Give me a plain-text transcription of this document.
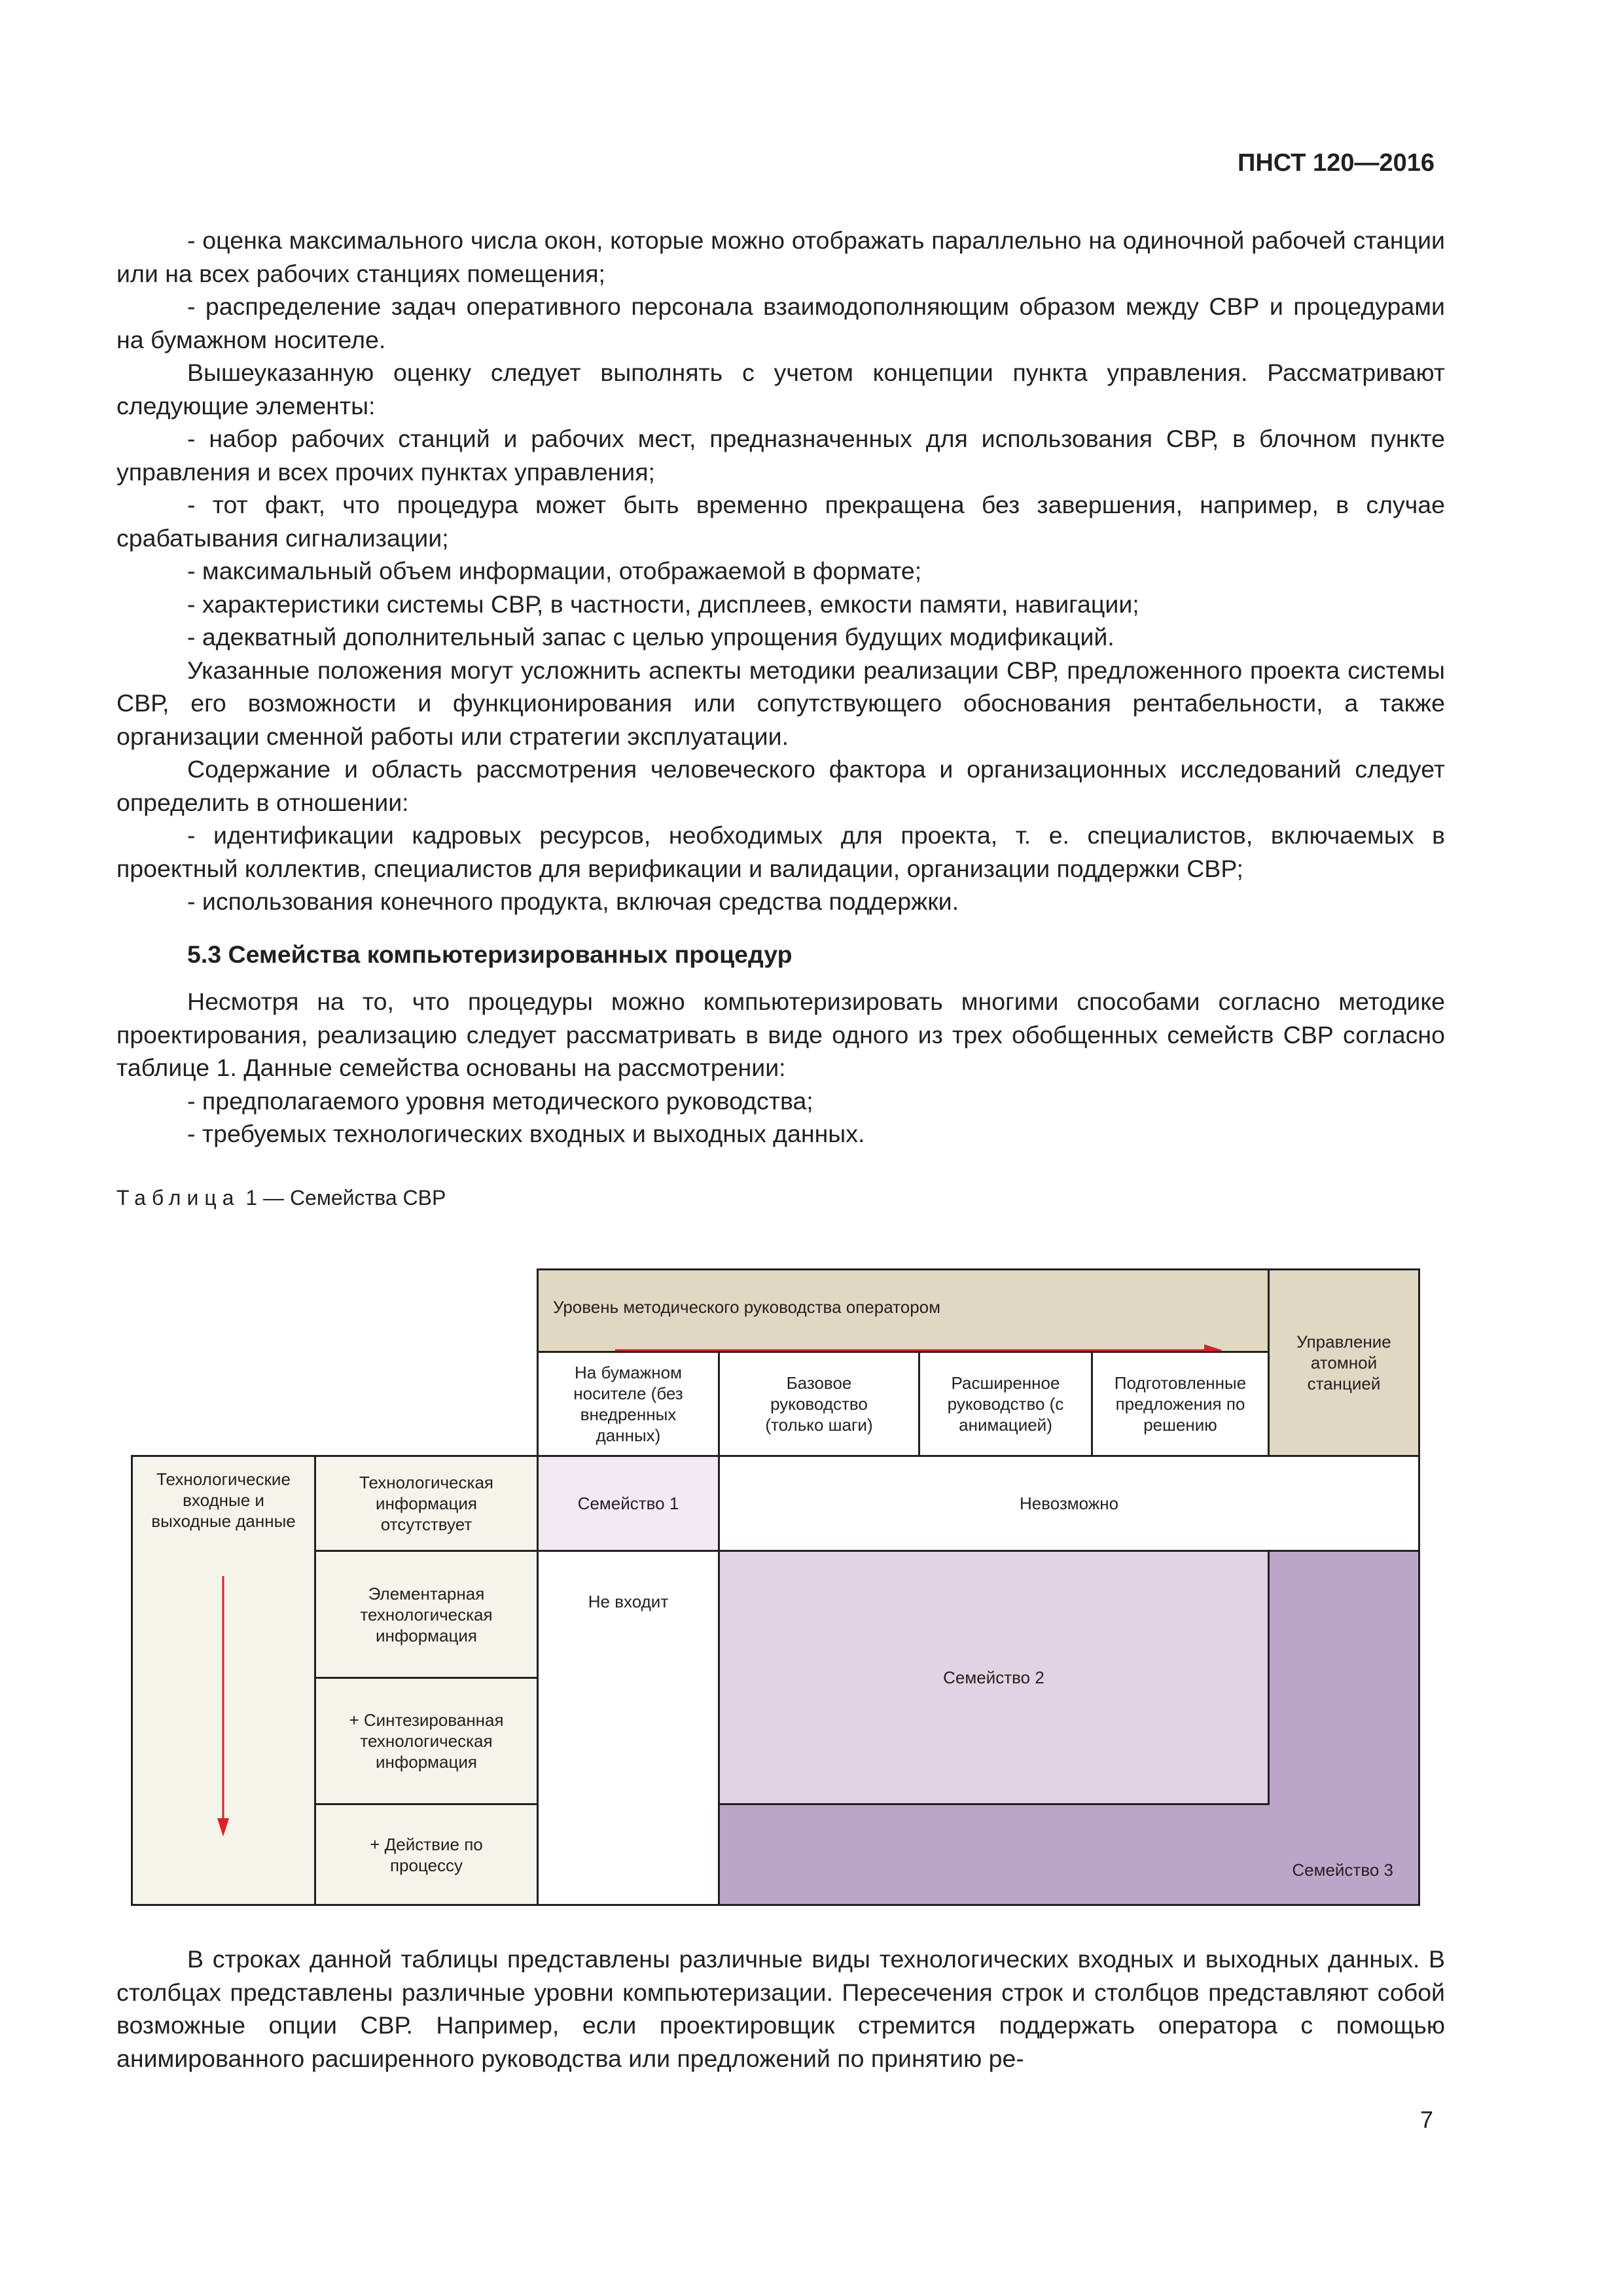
ПНСТ 120—2016

- оценка максимального числа окон, которые можно отображать параллельно на одиночной рабочей станции или на всех рабочих станциях помещения;

- распределение задач оперативного персонала взаимодополняющим образом между СВР и процедурами на бумажном носителе.

Вышеуказанную оценку следует выполнять с учетом концепции пункта управления. Рассматривают следующие элементы:

- набор рабочих станций и рабочих мест, предназначенных для использования СВР, в блочном пункте управления и всех прочих пунктах управления;

- тот факт, что процедура может быть временно прекращена без завершения, например, в случае срабатывания сигнализации;

- максимальный объем информации, отображаемой в формате;

- характеристики системы СВР, в частности, дисплеев, емкости памяти, навигации;

- адекватный дополнительный запас с целью упрощения будущих модификаций.

Указанные положения могут усложнить аспекты методики реализации СВР, предложенного проекта системы СВР, его возможности и функционирования или сопутствующего обоснования рентабельности, а также организации сменной работы или стратегии эксплуатации.

Содержание и область рассмотрения человеческого фактора и организационных исследований следует определить в отношении:

- идентификации кадровых ресурсов, необходимых для проекта, т. е. специалистов, включаемых в проектный коллектив, специалистов для верификации и валидации, организации поддержки СВР;

- использования конечного продукта, включая средства поддержки.

5.3 Семейства компьютеризированных процедур

Несмотря на то, что процедуры можно компьютеризировать многими способами согласно методике проектирования, реализацию следует рассматривать в виде одного из трех обобщенных семейств СВР согласно таблице 1. Данные семейства основаны на рассмотрении:

- предполагаемого уровня методического руководства;

- требуемых технологических входных и выходных данных.

Таблица 1 — Семейства СВР
Уровень методического руководства оператором
Управление атомной станцией
На бумажном носителе (без внедренных данных)
Базовое руководство (только шаги)
Расширенное руководство (с анимацией)
Подготовленные предложения по решению
Технологические входные и выходные данные
Технологическая информация отсутствует
Элементарная технологическая информация
+ Синтезированная технологическая информация
+ Действие по процессу
Семейство 1	Невозможно
Не входит
Семейство 3
Семейство 2

В строках данной таблицы представлены различные виды технологических входных и выходных данных. В столбцах представлены различные уровни компьютеризации. Пересечения строк и столбцов представляют собой возможные опции СВР. Например, если проектировщик стремится поддержать оператора с помощью анимированного расширенного руководства или предложений по принятию ре-

7
